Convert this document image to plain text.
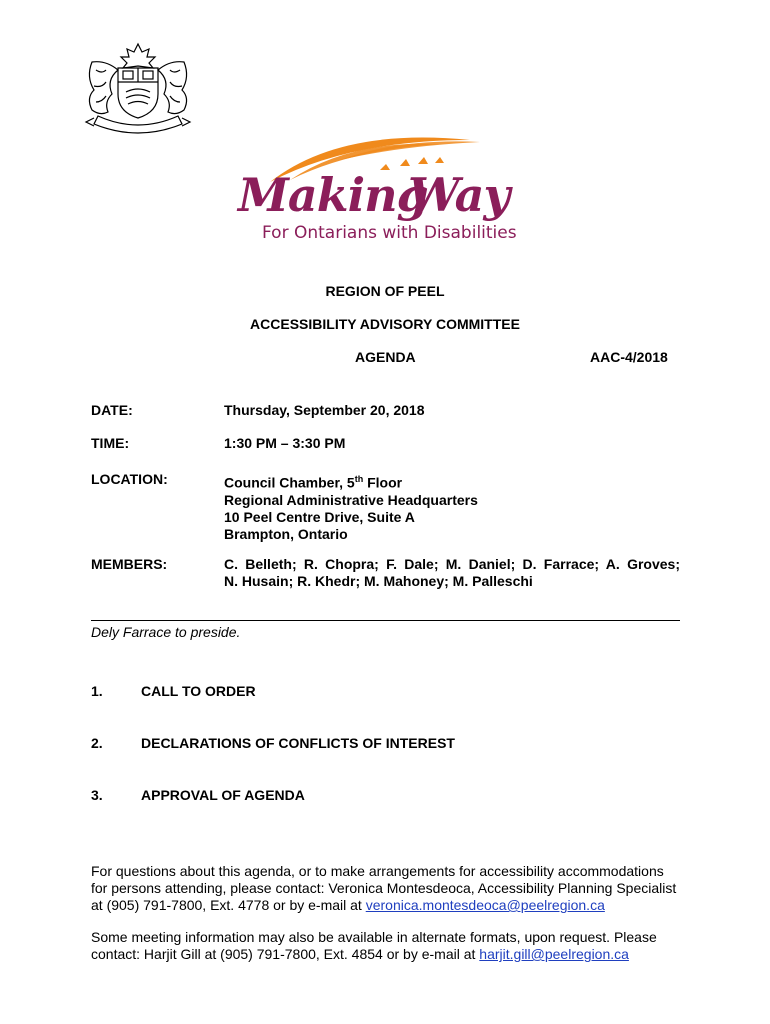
Making
Way
For Ontarians with Disabilities
REGION OF PEEL
ACCESSIBILITY ADVISORY COMMITTEE
AGENDA	AAC-4/2018
DATE:	Thursday, September 20, 2018
TIME:	1:30 PM – 3:30 PM
LOCATION:	Council Chamber, 5th Floor
Regional Administrative Headquarters
10 Peel Centre Drive, Suite A
Brampton, Ontario
MEMBERS:	C. Belleth; R. Chopra; F. Dale; M. Daniel; D. Farrace; A. Groves;
N. Husain; R. Khedr; M. Mahoney; M. Palleschi
Dely Farrace to preside.
1.	CALL TO ORDER
2.	DECLARATIONS OF CONFLICTS OF INTEREST
3.	APPROVAL OF AGENDA
For questions about this agenda, or to make arrangements for accessibility accommodations
for persons attending, please contact: Veronica Montesdeoca, Accessibility Planning Specialist
at (905) 791-7800, Ext. 4778 or by e-mail at veronica.montesdeoca@peelregion.ca
Some meeting information may also be available in alternate formats, upon request. Please
contact: Harjit Gill at (905) 791-7800, Ext. 4854 or by e-mail at harjit.gill@peelregion.ca
